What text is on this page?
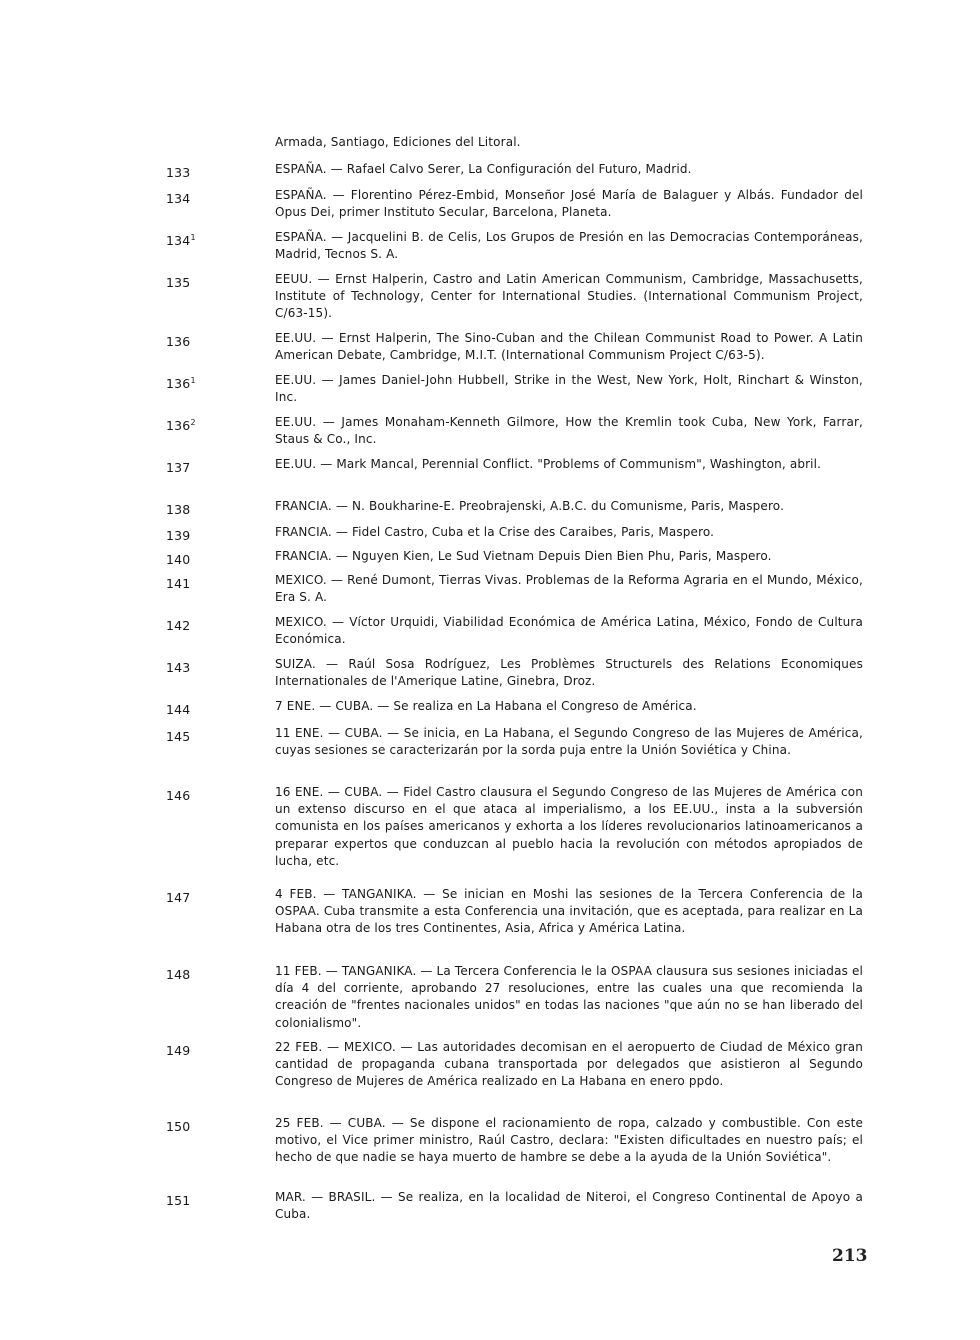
Armada, Santiago, Ediciones del Litoral.
133	ESPAÑA. — Rafael Calvo Serer, La Configuración del Futuro, Madrid.
134	ESPAÑA. — Florentino Pérez-Embid, Monseñor José María de Balaguer y Albás. Fundador del Opus Dei, primer Instituto Secular, Barcelona, Planeta.
$134^1$	ESPAÑA. — Jacquelini B. de Celis, Los Grupos de Presión en las Democracias Contemporáneas, Madrid, Tecnos S. A.
135	EEUU. — Ernst Halperin, Castro and Latin American Communism, Cambridge, Massachusetts, Institute of Technology, Center for International Studies. (International Communism Project, C/63-15).
136	EE.UU. — Ernst Halperin, The Sino-Cuban and the Chilean Communist Road to Power. A Latin American Debate, Cambridge, M.I.T. (International Communism Project C/63-5).
$136^1$	EE.UU. — James Daniel-John Hubbell, Strike in the West, New York, Holt, Rinchart & Winston, Inc.
$136^2$	EE.UU. — James Monaham-Kenneth Gilmore, How the Kremlin took Cuba, New York, Farrar, Staus & Co., Inc.
137	EE.UU. — Mark Mancal, Perennial Conflict. "Problems of Communism", Washington, abril.
138	FRANCIA. — N. Boukharine-E. Preobrajenski, A.B.C. du Comunisme, Paris, Maspero.
139	FRANCIA. — Fidel Castro, Cuba et la Crise des Caraibes, Paris, Maspero.
140	FRANCIA. — Nguyen Kien, Le Sud Vietnam Depuis Dien Bien Phu, Paris, Maspero.
141	MEXICO. — René Dumont, Tierras Vivas. Problemas de la Reforma Agraria en el Mundo, México, Era S. A.
142	MEXICO. — Víctor Urquidi, Viabilidad Económica de América Latina, México, Fondo de Cultura Económica.
143	SUIZA. — Raúl Sosa Rodríguez, Les Problèmes Structurels des Relations Economiques Internationales de l'Amerique Latine, Ginebra, Droz.
144	7 ENE. — CUBA. — Se realiza en La Habana el Congreso de América.
145	11 ENE. — CUBA. — Se inicia, en La Habana, el Segundo Congreso de las Mujeres de América, cuyas sesiones se caracterizarán por la sorda puja entre la Unión Soviética y China.
146	16 ENE. — CUBA. — Fidel Castro clausura el Segundo Congreso de las Mujeres de América con un extenso discurso en el que ataca al imperialismo, a los EE.UU., insta a la subversión comunista en los países americanos y exhorta a los líderes revolucionarios latinoamericanos a preparar expertos que conduzcan al pueblo hacia la revolución con métodos apropiados de lucha, etc.
147	4 FEB. — TANGANIKA. — Se inician en Moshi las sesiones de la Tercera Conferencia de la OSPAA. Cuba transmite a esta Conferencia una invitación, que es aceptada, para realizar en La Habana otra de los tres Continentes, Asia, Africa y América Latina.
148	11 FEB. — TANGANIKA. — La Tercera Conferencia le la OSPAA clausura sus sesiones iniciadas el día 4 del corriente, aprobando 27 resoluciones, entre las cuales una que recomienda la creación de "frentes nacionales unidos" en todas las naciones "que aún no se han liberado del colonialismo".
149	22 FEB. — MEXICO. — Las autoridades decomisan en el aeropuerto de Ciudad de México gran cantidad de propaganda cubana transportada por delegados que asistieron al Segundo Congreso de Mujeres de América realizado en La Habana en enero ppdo.
150	25 FEB. — CUBA. — Se dispone el racionamiento de ropa, calzado y combustible. Con este motivo, el Vice primer ministro, Raúl Castro, declara: "Existen dificultades en nuestro país; el hecho de que nadie se haya muerto de hambre se debe a la ayuda de la Unión Soviética".
151	MAR. — BRASIL. — Se realiza, en la localidad de Niteroi, el Congreso Continental de Apoyo a Cuba.
213
